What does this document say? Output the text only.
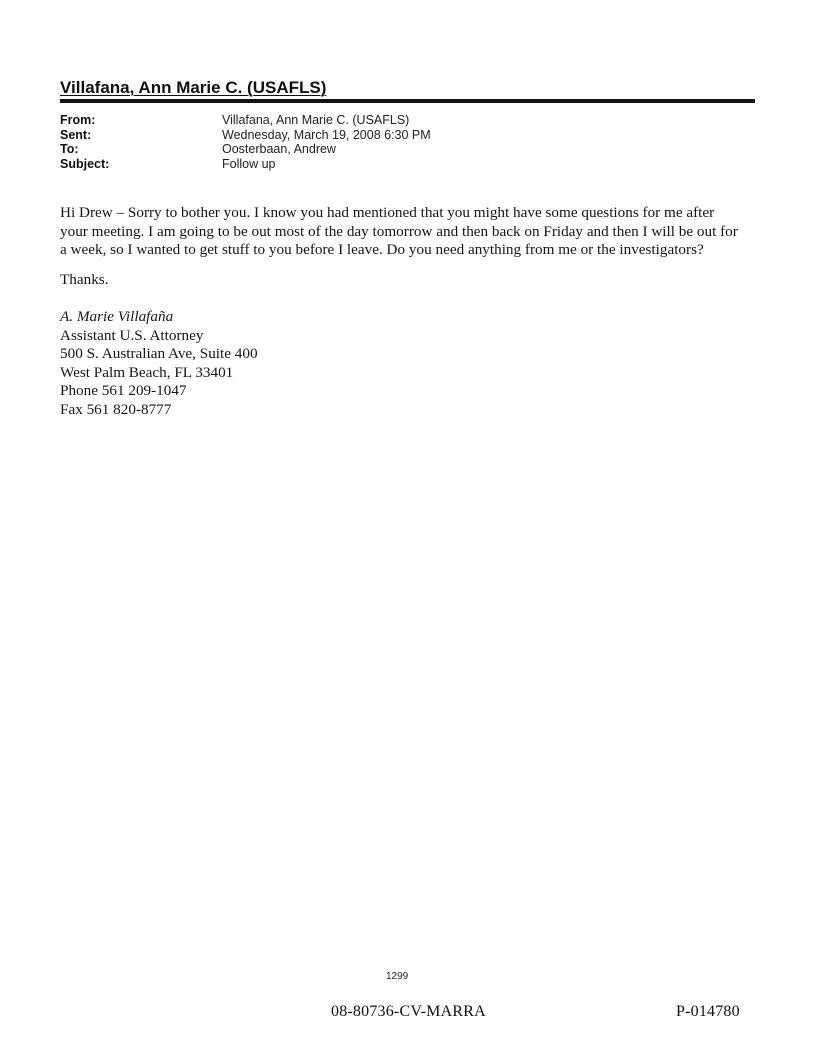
Villafana, Ann Marie C. (USAFLS)
From:	Villafana, Ann Marie C. (USAFLS)
Sent:	Wednesday, March 19, 2008 6:30 PM
To:	Oosterbaan, Andrew
Subject:	Follow up
Hi Drew – Sorry to bother you. I know you had mentioned that you might have some questions for me after
your meeting. I am going to be out most of the day tomorrow and then back on Friday and then I will be out for
a week, so I wanted to get stuff to you before I leave. Do you need anything from me or the investigators?
Thanks.
A. Marie Villafaña
Assistant U.S. Attorney
500 S. Australian Ave, Suite 400
West Palm Beach, FL 33401
Phone 561 209-1047
Fax 561 820-8777
1299
08-80736-CV-MARRA	P-014780
